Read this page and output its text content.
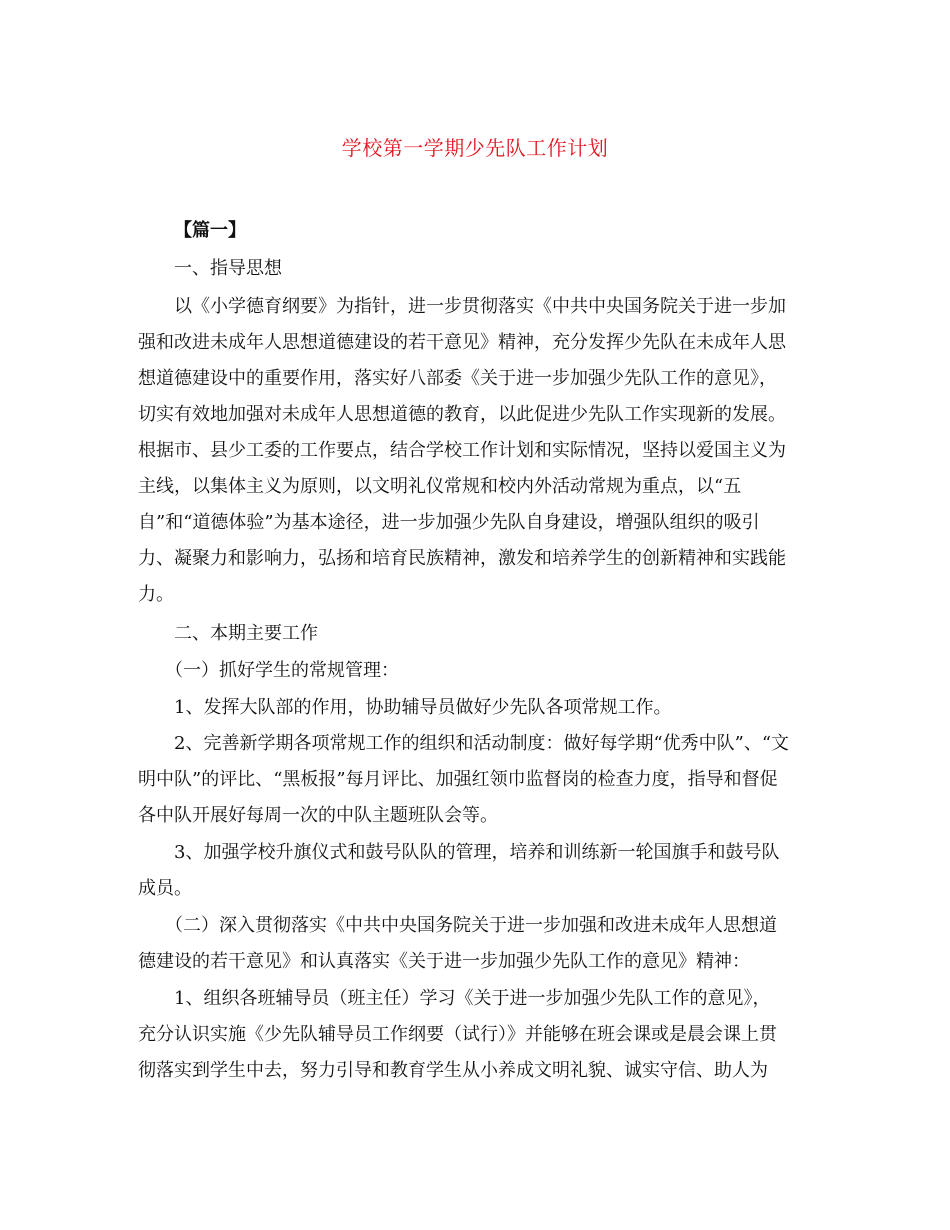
学校第一学期少先队工作计划
【篇一】
一、指导思想
以《小学德育纲要》为指针，进一步贯彻落实《中共中央国务院关于进一步加
强和改进未成年人思想道德建设的若干意见》精神，充分发挥少先队在未成年人思
想道德建设中的重要作用，落实好八部委《关于进一步加强少先队工作的意见》，
切实有效地加强对未成年人思想道德的教育，以此促进少先队工作实现新的发展。
根据市、县少工委的工作要点，结合学校工作计划和实际情况，坚持以爱国主义为
主线，以集体主义为原则，以文明礼仪常规和校内外活动常规为重点，以“五
自”和“道德体验”为基本途径，进一步加强少先队自身建设，增强队组织的吸引
力、凝聚力和影响力，弘扬和培育民族精神，激发和培养学生的创新精神和实践能
力。
二、本期主要工作
（一）抓好学生的常规管理：
1、发挥大队部的作用，协助辅导员做好少先队各项常规工作。
2、完善新学期各项常规工作的组织和活动制度：做好每学期“优秀中队”、“文
明中队”的评比、“黑板报”每月评比、加强红领巾监督岗的检查力度，指导和督促
各中队开展好每周一次的中队主题班队会等。
3、加强学校升旗仪式和鼓号队队的管理，培养和训练新一轮国旗手和鼓号队
成员。
（二）深入贯彻落实《中共中央国务院关于进一步加强和改进未成年人思想道
德建设的若干意见》和认真落实《关于进一步加强少先队工作的意见》精神：
1、组织各班辅导员（班主任）学习《关于进一步加强少先队工作的意见》，
充分认识实施《少先队辅导员工作纲要（试行）》并能够在班会课或是晨会课上贯
彻落实到学生中去，努力引导和教育学生从小养成文明礼貌、诚实守信、助人为
